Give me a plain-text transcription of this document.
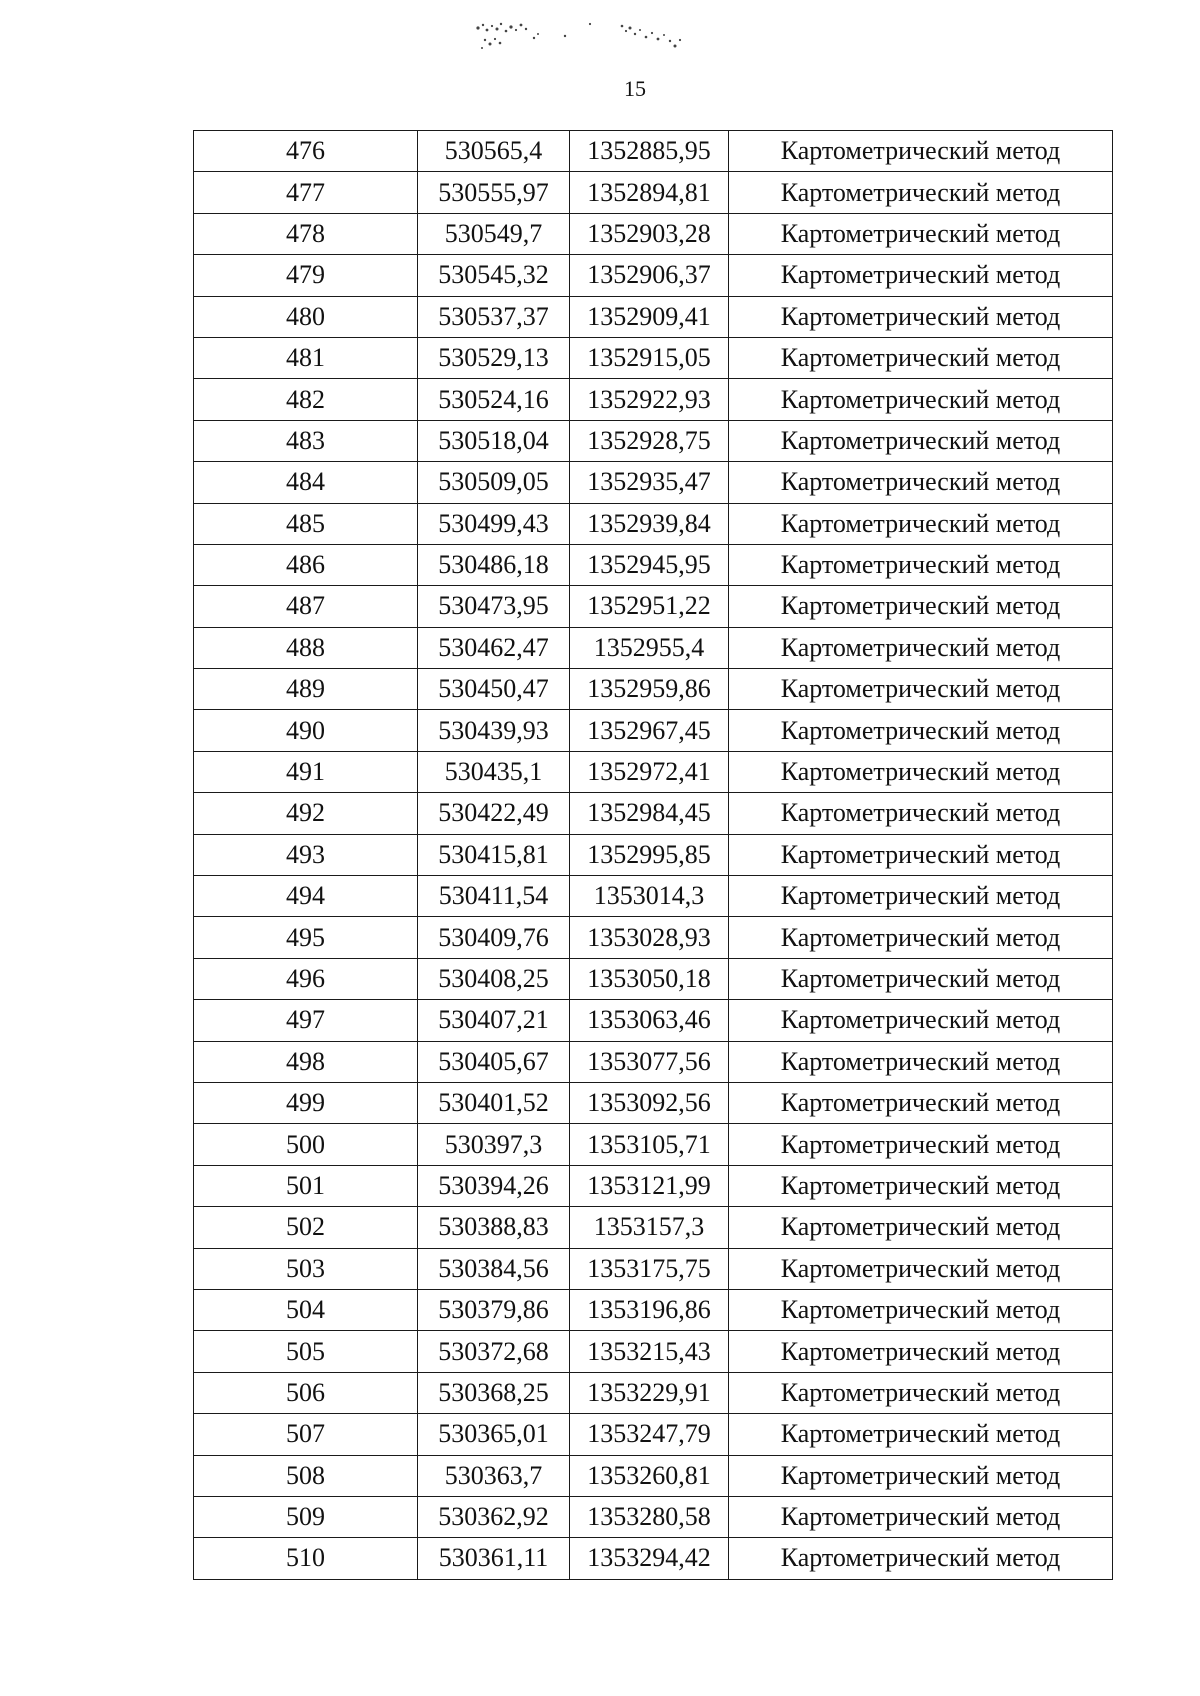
15
476	530565,4	1352885,95	Картометрический метод
477	530555,97	1352894,81	Картометрический метод
478	530549,7	1352903,28	Картометрический метод
479	530545,32	1352906,37	Картометрический метод
480	530537,37	1352909,41	Картометрический метод
481	530529,13	1352915,05	Картометрический метод
482	530524,16	1352922,93	Картометрический метод
483	530518,04	1352928,75	Картометрический метод
484	530509,05	1352935,47	Картометрический метод
485	530499,43	1352939,84	Картометрический метод
486	530486,18	1352945,95	Картометрический метод
487	530473,95	1352951,22	Картометрический метод
488	530462,47	1352955,4	Картометрический метод
489	530450,47	1352959,86	Картометрический метод
490	530439,93	1352967,45	Картометрический метод
491	530435,1	1352972,41	Картометрический метод
492	530422,49	1352984,45	Картометрический метод
493	530415,81	1352995,85	Картометрический метод
494	530411,54	1353014,3	Картометрический метод
495	530409,76	1353028,93	Картометрический метод
496	530408,25	1353050,18	Картометрический метод
497	530407,21	1353063,46	Картометрический метод
498	530405,67	1353077,56	Картометрический метод
499	530401,52	1353092,56	Картометрический метод
500	530397,3	1353105,71	Картометрический метод
501	530394,26	1353121,99	Картометрический метод
502	530388,83	1353157,3	Картометрический метод
503	530384,56	1353175,75	Картометрический метод
504	530379,86	1353196,86	Картометрический метод
505	530372,68	1353215,43	Картометрический метод
506	530368,25	1353229,91	Картометрический метод
507	530365,01	1353247,79	Картометрический метод
508	530363,7	1353260,81	Картометрический метод
509	530362,92	1353280,58	Картометрический метод
510	530361,11	1353294,42	Картометрический метод
